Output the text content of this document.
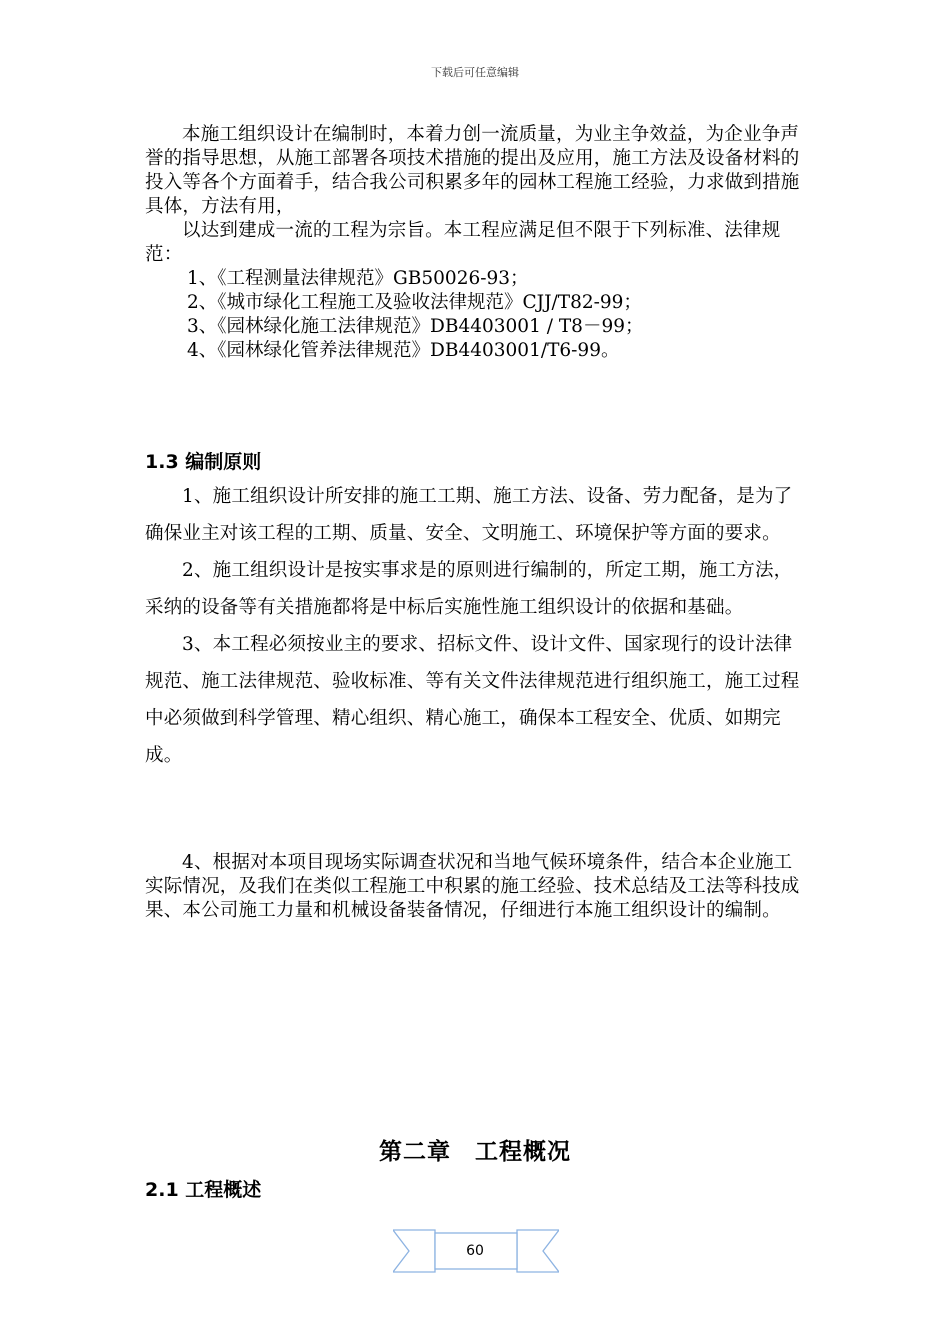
下载后可任意编辑

本施工组织设计在编制时，本着力创一流质量，为业主争效益，为企业争声誉的指导思想，从施工部署各项技术措施的提出及应用，施工方法及设备材料的投入等各个方面着手，结合我公司积累多年的园林工程施工经验，力求做到措施具体，方法有用，

以达到建成一流的工程为宗旨。本工程应满足但不限于下列标准、法律规范：

1、《工程测量法律规范》GB50026-93；

2、《城市绿化工程施工及验收法律规范》CJJ/T82-99；

3、《园林绿化施工法律规范》DB4403001 / T8－99；

4、《园林绿化管养法律规范》DB4403001/T6-99。

1.3 编制原则

1、施工组织设计所安排的施工工期、施工方法、设备、劳力配备，是为了确保业主对该工程的工期、质量、安全、文明施工、环境保护等方面的要求。

2、施工组织设计是按实事求是的原则进行编制的，所定工期，施工方法，采纳的设备等有关措施都将是中标后实施性施工组织设计的依据和基础。

3、本工程必须按业主的要求、招标文件、设计文件、国家现行的设计法律规范、施工法律规范、验收标准、等有关文件法律规范进行组织施工，施工过程中必须做到科学管理、精心组织、精心施工，确保本工程安全、优质、如期完成。

4、根据对本项目现场实际调查状况和当地气候环境条件，结合本企业施工实际情况，及我们在类似工程施工中积累的施工经验、技术总结及工法等科技成果、本公司施工力量和机械设备装备情况，仔细进行本施工组织设计的编制。

第二章　工程概况
2.1 工程概述
60
